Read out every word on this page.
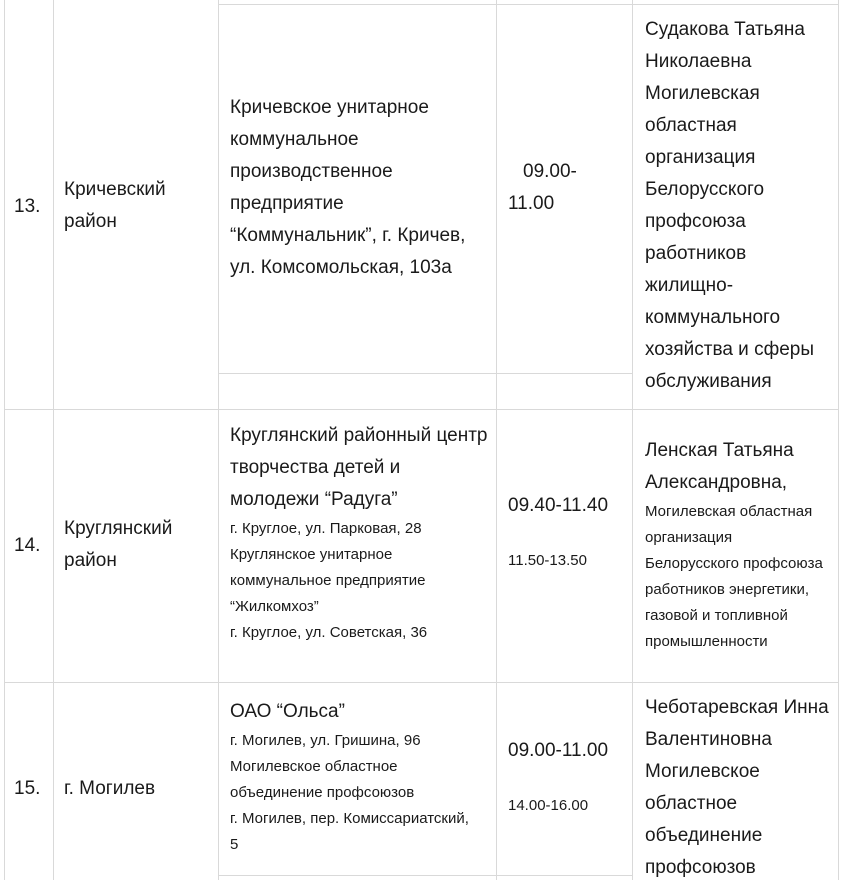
13.
Кричевский
район
Кричевское унитарное
коммунальное
производственное
предприятие
“Коммунальник”, г. Кричев,
ул. Комсомольская, 103а
09.00-
11.00
Судакова Татьяна
Николаевна
Могилевская
областная
организация
Белорусского
профсоюза
работников
жилищно-
коммунального
хозяйства и сферы
обслуживания
14.
Круглянский
район
Круглянский районный центр
творчества детей и
молодежи “Радуга”
г. Круглое, ул. Парковая, 28
Круглянское унитарное
коммунальное предприятие
“Жилкомхоз”
г. Круглое, ул. Советская, 36
09.40-11.40
11.50-13.50
Ленская Татьяна
Александровна,
Могилевская областная
организация
Белорусского профсоюза
работников энергетики,
газовой и топливной
промышленности
15. г. Могилев
ОАО “Ольса”
г. Могилев, ул. Гришина, 96
Могилевское областное
объединение профсоюзов
г. Могилев, пер. Комиссариатский,
5
09.00-11.00
14.00-16.00
Чеботаревская Инна
Валентиновна
Могилевское
областное
объединение
профсоюзов
